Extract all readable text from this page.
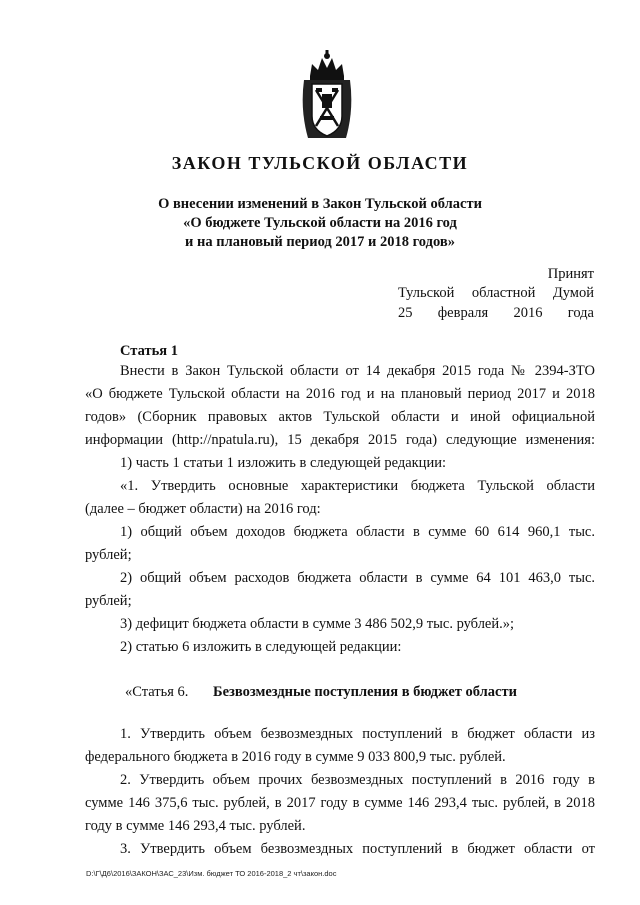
ЗАКОН ТУЛЬСКОЙ ОБЛАСТИ
О внесении изменений в Закон Тульской области
«О бюджете Тульской области на 2016 год
и на плановый период 2017 и 2018 годов»
Принят
Тульской областной Думой
25 февраля 2016 года
Статья 1
Внести в Закон Тульской области от 14 декабря 2015 года № 2394-ЗТО
«О бюджете Тульской области на 2016 год и на плановый период 2017 и 2018
годов» (Сборник правовых актов Тульской области и иной официальной
информации (http://npatula.ru), 15 декабря 2015 года) следующие изменения:
1) часть 1 статьи 1 изложить в следующей редакции:
«1. Утвердить основные характеристики бюджета Тульской области
(далее – бюджет области) на 2016 год:
1) общий объем доходов бюджета области в сумме 60 614 960,1 тыс.
рублей;
2) общий объем расходов бюджета области в сумме 64 101 463,0 тыс.
рублей;
3) дефицит бюджета области в сумме 3 486 502,9 тыс. рублей.»;
2) статью 6 изложить в следующей редакции:
«Статья 6. Безвозмездные поступления в бюджет области
1. Утвердить объем безвозмездных поступлений в бюджет области из
федерального бюджета в 2016 году в сумме 9 033 800,9 тыс. рублей.
2. Утвердить объем прочих безвозмездных поступлений в 2016 году в
сумме 146 375,6 тыс. рублей, в 2017 году в сумме 146 293,4 тыс. рублей, в 2018
году в сумме 146 293,4 тыс. рублей.
3. Утвердить объем безвозмездных поступлений в бюджет области от
D:\Г\Д6\2016\ЗАКОН\ЗАС_23\Изм. бюджет ТО 2016-2018_2 чт\закон.doc
